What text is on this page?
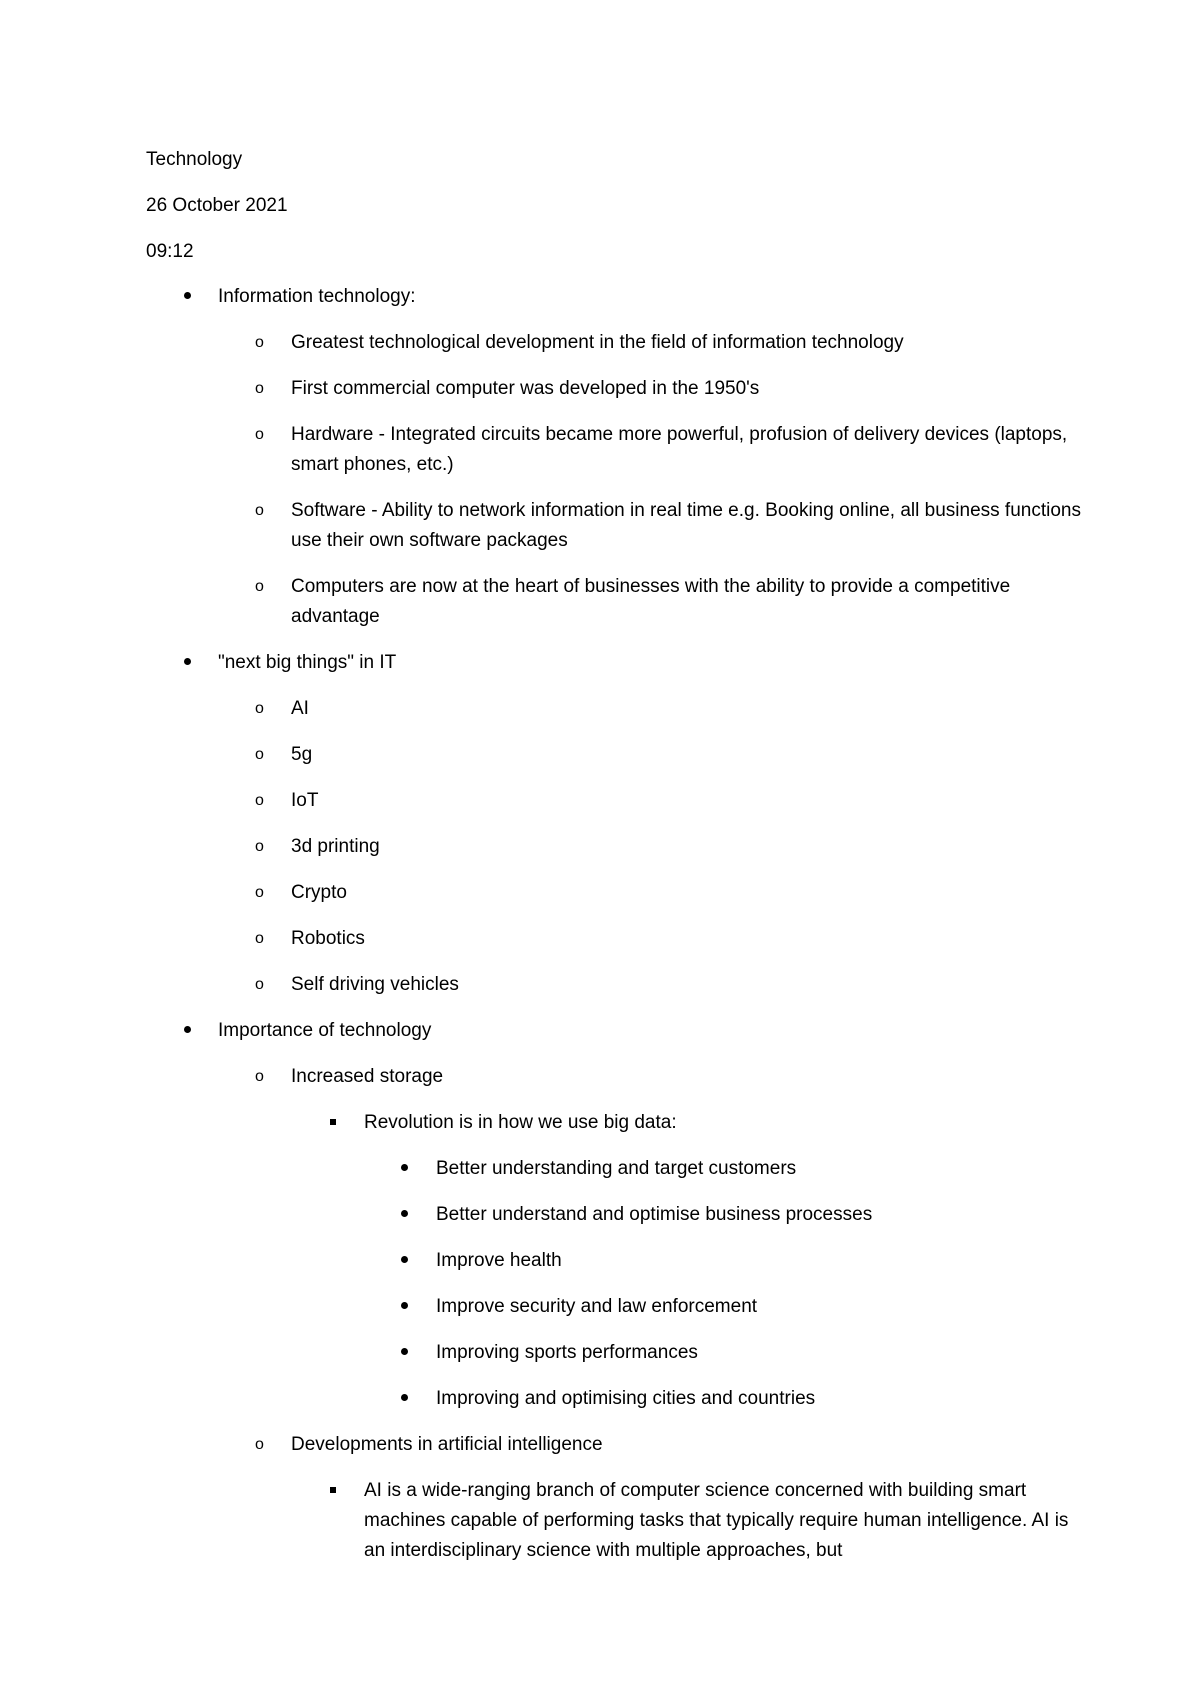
Technology
26 October 2021
09:12
Information technology:
o Greatest technological development in the field of information technology
o First commercial computer was developed in the 1950's
o Hardware - Integrated circuits became more powerful, profusion of delivery devices (laptops, smart phones, etc.)
o Software - Ability to network information in real time e.g. Booking online, all business functions use their own software packages
o Computers are now at the heart of businesses with the ability to provide a competitive advantage
"next big things" in IT
o AI
o 5g
o IoT
o 3d printing
o Crypto
o Robotics
o Self driving vehicles
Importance of technology
o Increased storage
Revolution is in how we use big data:
Better understanding and target customers
Better understand and optimise business processes
Improve health
Improve security and law enforcement
Improving sports performances
Improving and optimising cities and countries
o Developments in artificial intelligence
AI is a wide-ranging branch of computer science concerned with building smart machines capable of performing tasks that typically require human intelligence. AI is an interdisciplinary science with multiple approaches, but
